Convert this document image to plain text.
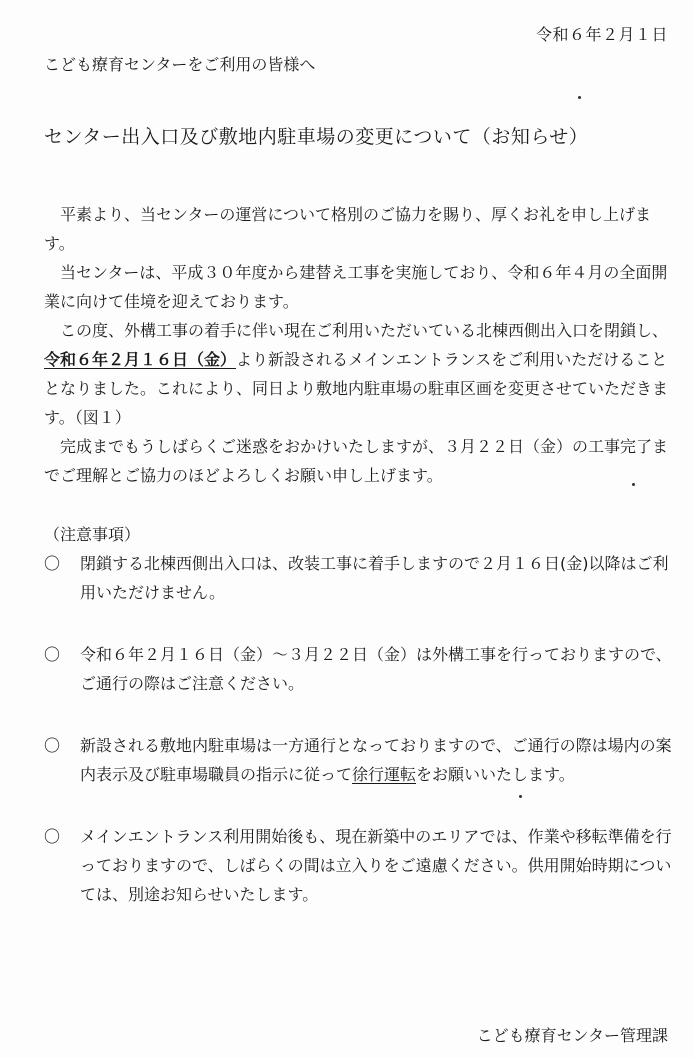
令和６年２月１日
こども療育センターをご利用の皆様へ
センター出入口及び敷地内駐車場の変更について（お知らせ）

平素より、当センターの運営について格別のご協力を賜り、厚くお礼を申し上げます。

当センターは、平成３０年度から建替え工事を実施しており、令和６年４月の全面開業に向けて佳境を迎えております。

この度、外構工事の着手に伴い現在ご利用いただいている北棟西側出入口を閉鎖し、令和６年２月１６日（金）より新設されるメインエントランスをご利用いただけることとなりました。これにより、同日より敷地内駐車場の駐車区画を変更させていただきます。（図１）

完成までもうしばらくご迷惑をおかけいたしますが、３月２２日（金）の工事完了までご理解とご協力のほどよろしくお願い申し上げます。

（注意事項）
〇 閉鎖する北棟西側出入口は、改装工事に着手しますので２月１６日(金)以降はご利用いただけません。
〇 令和６年２月１６日（金）～３月２２日（金）は外構工事を行っておりますので、ご通行の際はご注意ください。
〇 新設される敷地内駐車場は一方通行となっておりますので、ご通行の際は場内の案内表示及び駐車場職員の指示に従って徐行運転をお願いいたします。
〇 メインエントランス利用開始後も、現在新築中のエリアでは、作業や移転準備を行っておりますので、しばらくの間は立入りをご遠慮ください。供用開始時期については、別途お知らせいたします。
こども療育センター管理課
